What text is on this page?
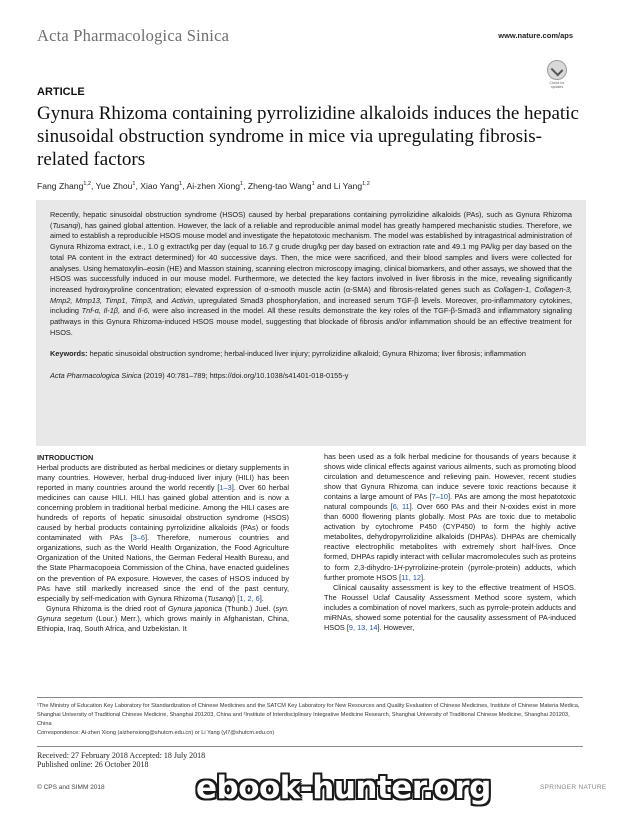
Acta Pharmacologica Sinica	www.nature.com/aps
Check for updates
ARTICLE
Gynura Rhizoma containing pyrrolizidine alkaloids induces the hepatic sinusoidal obstruction syndrome in mice via upregulating fibrosis-related factors
Fang Zhang$^{1,2}$, Yue Zhou$^1$, Xiao Yang$^1$, Ai-zhen Xiong$^1$, Zheng-tao Wang$^1$ and Li Yang$^{1,2}$

Recently, hepatic sinusoidal obstruction syndrome (HSOS) caused by herbal preparations containing pyrrolizidine alkaloids (PAs), such as Gynura Rhizoma (Tusanqi), has gained global attention. However, the lack of a reliable and reproducible animal model has greatly hampered mechanistic studies. Therefore, we aimed to establish a reproducible HSOS mouse model and investigate the hepatotoxic mechanism. The model was established by intragastrical administration of Gynura Rhizoma extract, i.e., 1.0 g extract/kg per day (equal to 16.7 g crude drug/kg per day based on extraction rate and 49.1 mg PA/kg per day based on the total PA content in the extract determined) for 40 successive days. Then, the mice were sacrificed, and their blood samples and livers were collected for analyses. Using hematoxylin–eosin (HE) and Masson staining, scanning electron microscopy imaging, clinical biomarkers, and other assays, we showed that the HSOS was successfully induced in our mouse model. Furthermore, we detected the key factors involved in liver fibrosis in the mice, revealing significantly increased hydroxyproline concentration; elevated expression of α-smooth muscle actin (α-SMA) and fibrosis-related genes such as Collagen-1, Collagen-3, Mmp2, Mmp13, Timp1, Timp3, and Activin, upregulated Smad3 phosphorylation, and increased serum TGF-β levels. Moreover, pro-inflammatory cytokines, including Tnf-α, Il-1β, and Il-6, were also increased in the model. All these results demonstrate the key roles of the TGF-β-Smad3 and inflammatory signaling pathways in this Gynura Rhizoma-induced HSOS mouse model, suggesting that blockade of fibrosis and/or inflammation should be an effective treatment for HSOS.

Keywords: hepatic sinusoidal obstruction syndrome; herbal-induced liver injury; pyrrolizidine alkaloid; Gynura Rhizoma; liver fibrosis; inflammation

Acta Pharmacologica Sinica (2019) 40:781–789; https://doi.org/10.1038/s41401-018-0155-y

INTRODUCTION

Herbal products are distributed as herbal medicines or dietary supplements in many countries. However, herbal drug-induced liver injury (HILI) has been reported in many countries around the world recently [1–3]. Over 60 herbal medicines can cause HILI. HILI has gained global attention and is now a concerning problem in traditional herbal medicine. Among the HILI cases are hundreds of reports of hepatic sinusoidal obstruction syndrome (HSOS) caused by herbal products containing pyrrolizidine alkaloids (PAs) or foods contaminated with PAs [3–6]. Therefore, numerous countries and organizations, such as the World Health Organization, the Food Agriculture Organization of the United Nations, the German Federal Health Bureau, and the State Pharmacopoeia Commission of the China, have enacted guidelines on the prevention of PA exposure. However, the cases of HSOS induced by PAs have still markedly increased since the end of the past century, especially by self-medication with Gynura Rhizoma (Tusanqi) [1, 2, 6].

Gynura Rhizoma is the dried root of Gynura japonica (Thunb.) Juel. (syn. Gynura segetum (Lour.) Merr.), which grows mainly in Afghanistan, China, Ethiopia, Iraq, South Africa, and Uzbekistan. It

has been used as a folk herbal medicine for thousands of years because it shows wide clinical effects against various ailments, such as promoting blood circulation and detumescence and relieving pain. However, recent studies show that Gynura Rhizoma can induce severe toxic reactions because it contains a large amount of PAs [7–10]. PAs are among the most hepatotoxic natural compounds [6, 11]. Over 660 PAs and their N-oxides exist in more than 6000 flowering plants globally. Most PAs are toxic due to metabolic activation by cytochrome P450 (CYP450) to form the highly active metabolites, dehydropyrrolizidine alkaloids (DHPAs). DHPAs are chemically reactive electrophilic metabolites with extremely short half-lives. Once formed, DHPAs rapidly interact with cellular macromolecules such as proteins to form 2,3-dihydro-1H-pyrrolizine-protein (pyrrole-protein) adducts, which further promote HSOS [11, 12].

Clinical causality assessment is key to the effective treatment of HSOS. The Roussel Uclaf Causality Assessment Method score system, which includes a combination of novel markers, such as pyrrole-protein adducts and miRNAs, showed some potential for the causality assessment of PA-induced HSOS [9, 13, 14]. However,

¹The Ministry of Education Key Laboratory for Standardization of Chinese Medicines and the SATCM Key Laboratory for New Resources and Quality Evaluation of Chinese Medicines, Institute of Chinese Materia Medica, Shanghai University of Traditional Chinese Medicine, Shanghai 201203, China and ²Institute of Interdisciplinary Integrative Medicine Research, Shanghai University of Traditional Chinese Medicine, Shanghai 201203, China

Correspondence: Ai-zhen Xiong (aizhenxiong@shutcm.edu.cn) or Li Yang (yl7@shutcm.edu.cn)

Received: 27 February 2018 Accepted: 18 July 2018
Published online: 26 October 2018
© CPS and SIMM 2018	ebook-hunter.org	SPRINGER NATURE
